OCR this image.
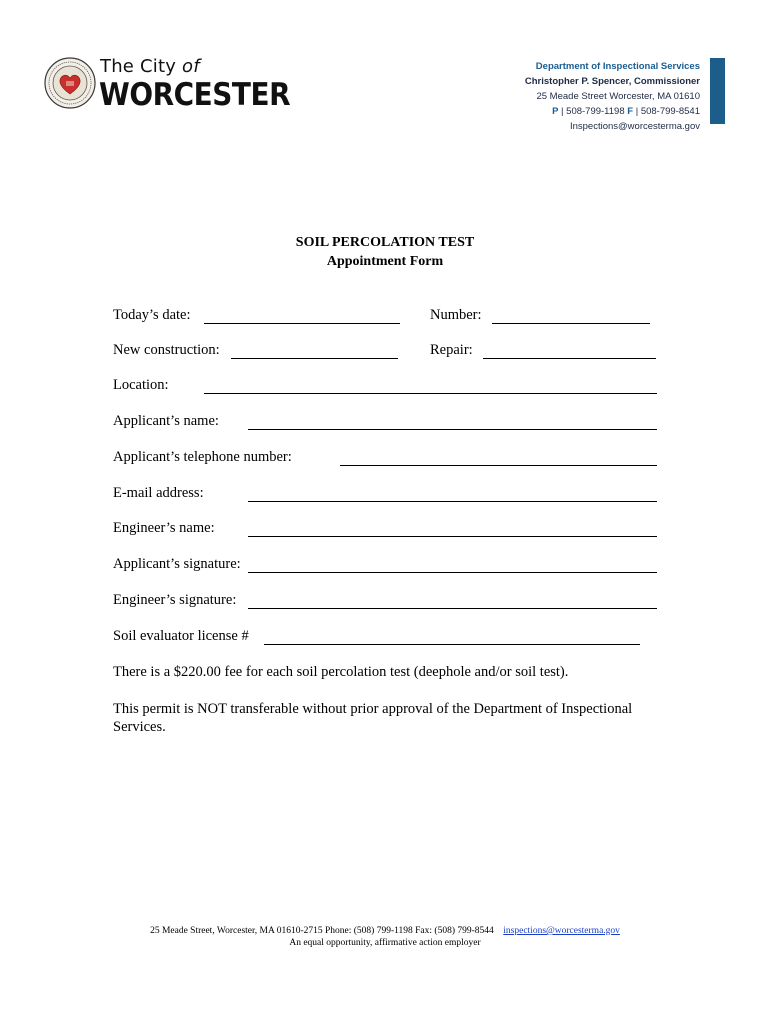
The City of
WORCESTER
Department of Inspectional Services
Christopher P. Spencer, Commissioner
25 Meade Street Worcester, MA 01610
P | 508-799-1198 F | 508-799-8541
Inspections@worcesterma.gov
SOIL PERCOLATION TEST
Appointment Form
Today’s date:	Number:
New construction:	Repair:
Location:
Applicant’s name:
Applicant’s telephone number:
E-mail address:
Engineer’s name:
Applicant’s signature:
Engineer’s signature:
Soil evaluator license #
There is a $220.00 fee for each soil percolation test (deephole and/or soil test).
This permit is NOT transferable without prior approval of the Department of Inspectional Services.
25 Meade Street, Worcester, MA 01610-2715 Phone: (508) 799-1198 Fax: (508) 799-8544 inspections@worcesterma.gov
An equal opportunity, affirmative action employer
